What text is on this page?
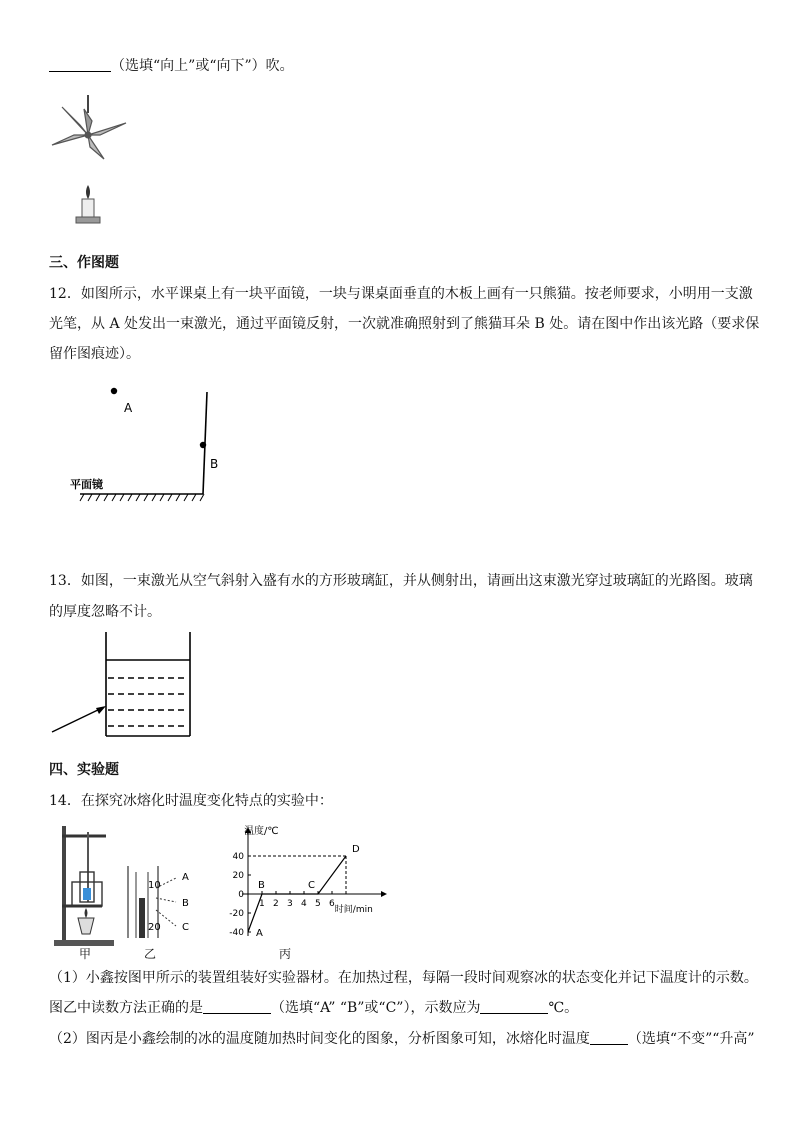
（选填“向上”或“向下”）吹。
三、作图题
12．如图所示，水平课桌上有一块平面镜，一块与课桌面垂直的木板上画有一只熊猫。按老师要求，小明用一支激
光笔，从 A 处发出一束激光，通过平面镜反射，一次就准确照射到了熊猫耳朵 B 处。请在图中作出该光路（要求保
留作图痕迹）。
A
B
平面镜
13．如图，一束激光从空气斜射入盛有水的方形玻璃缸，并从侧射出，请画出这束激光穿过玻璃缸的光路图。玻璃
的厚度忽略不计。
四、实验题
14．在探究冰熔化时温度变化特点的实验中：
甲
10
20
A
B
C
乙
温度/℃
时间/min
1 2 3 4 5 6
40
20
0
-20
-40 A
B	C
D
丙
（1）小鑫按图甲所示的装置组装好实验器材。在加热过程，每隔一段时间观察冰的状态变化并记下温度计的示数。
图乙中读数方法正确的是	（选填“A” “B”或“C”），示数应为	℃。
（2）图丙是小鑫绘制的冰的温度随加热时间变化的图象，分析图象可知，冰熔化时温度	（选填“不变”“升高”
